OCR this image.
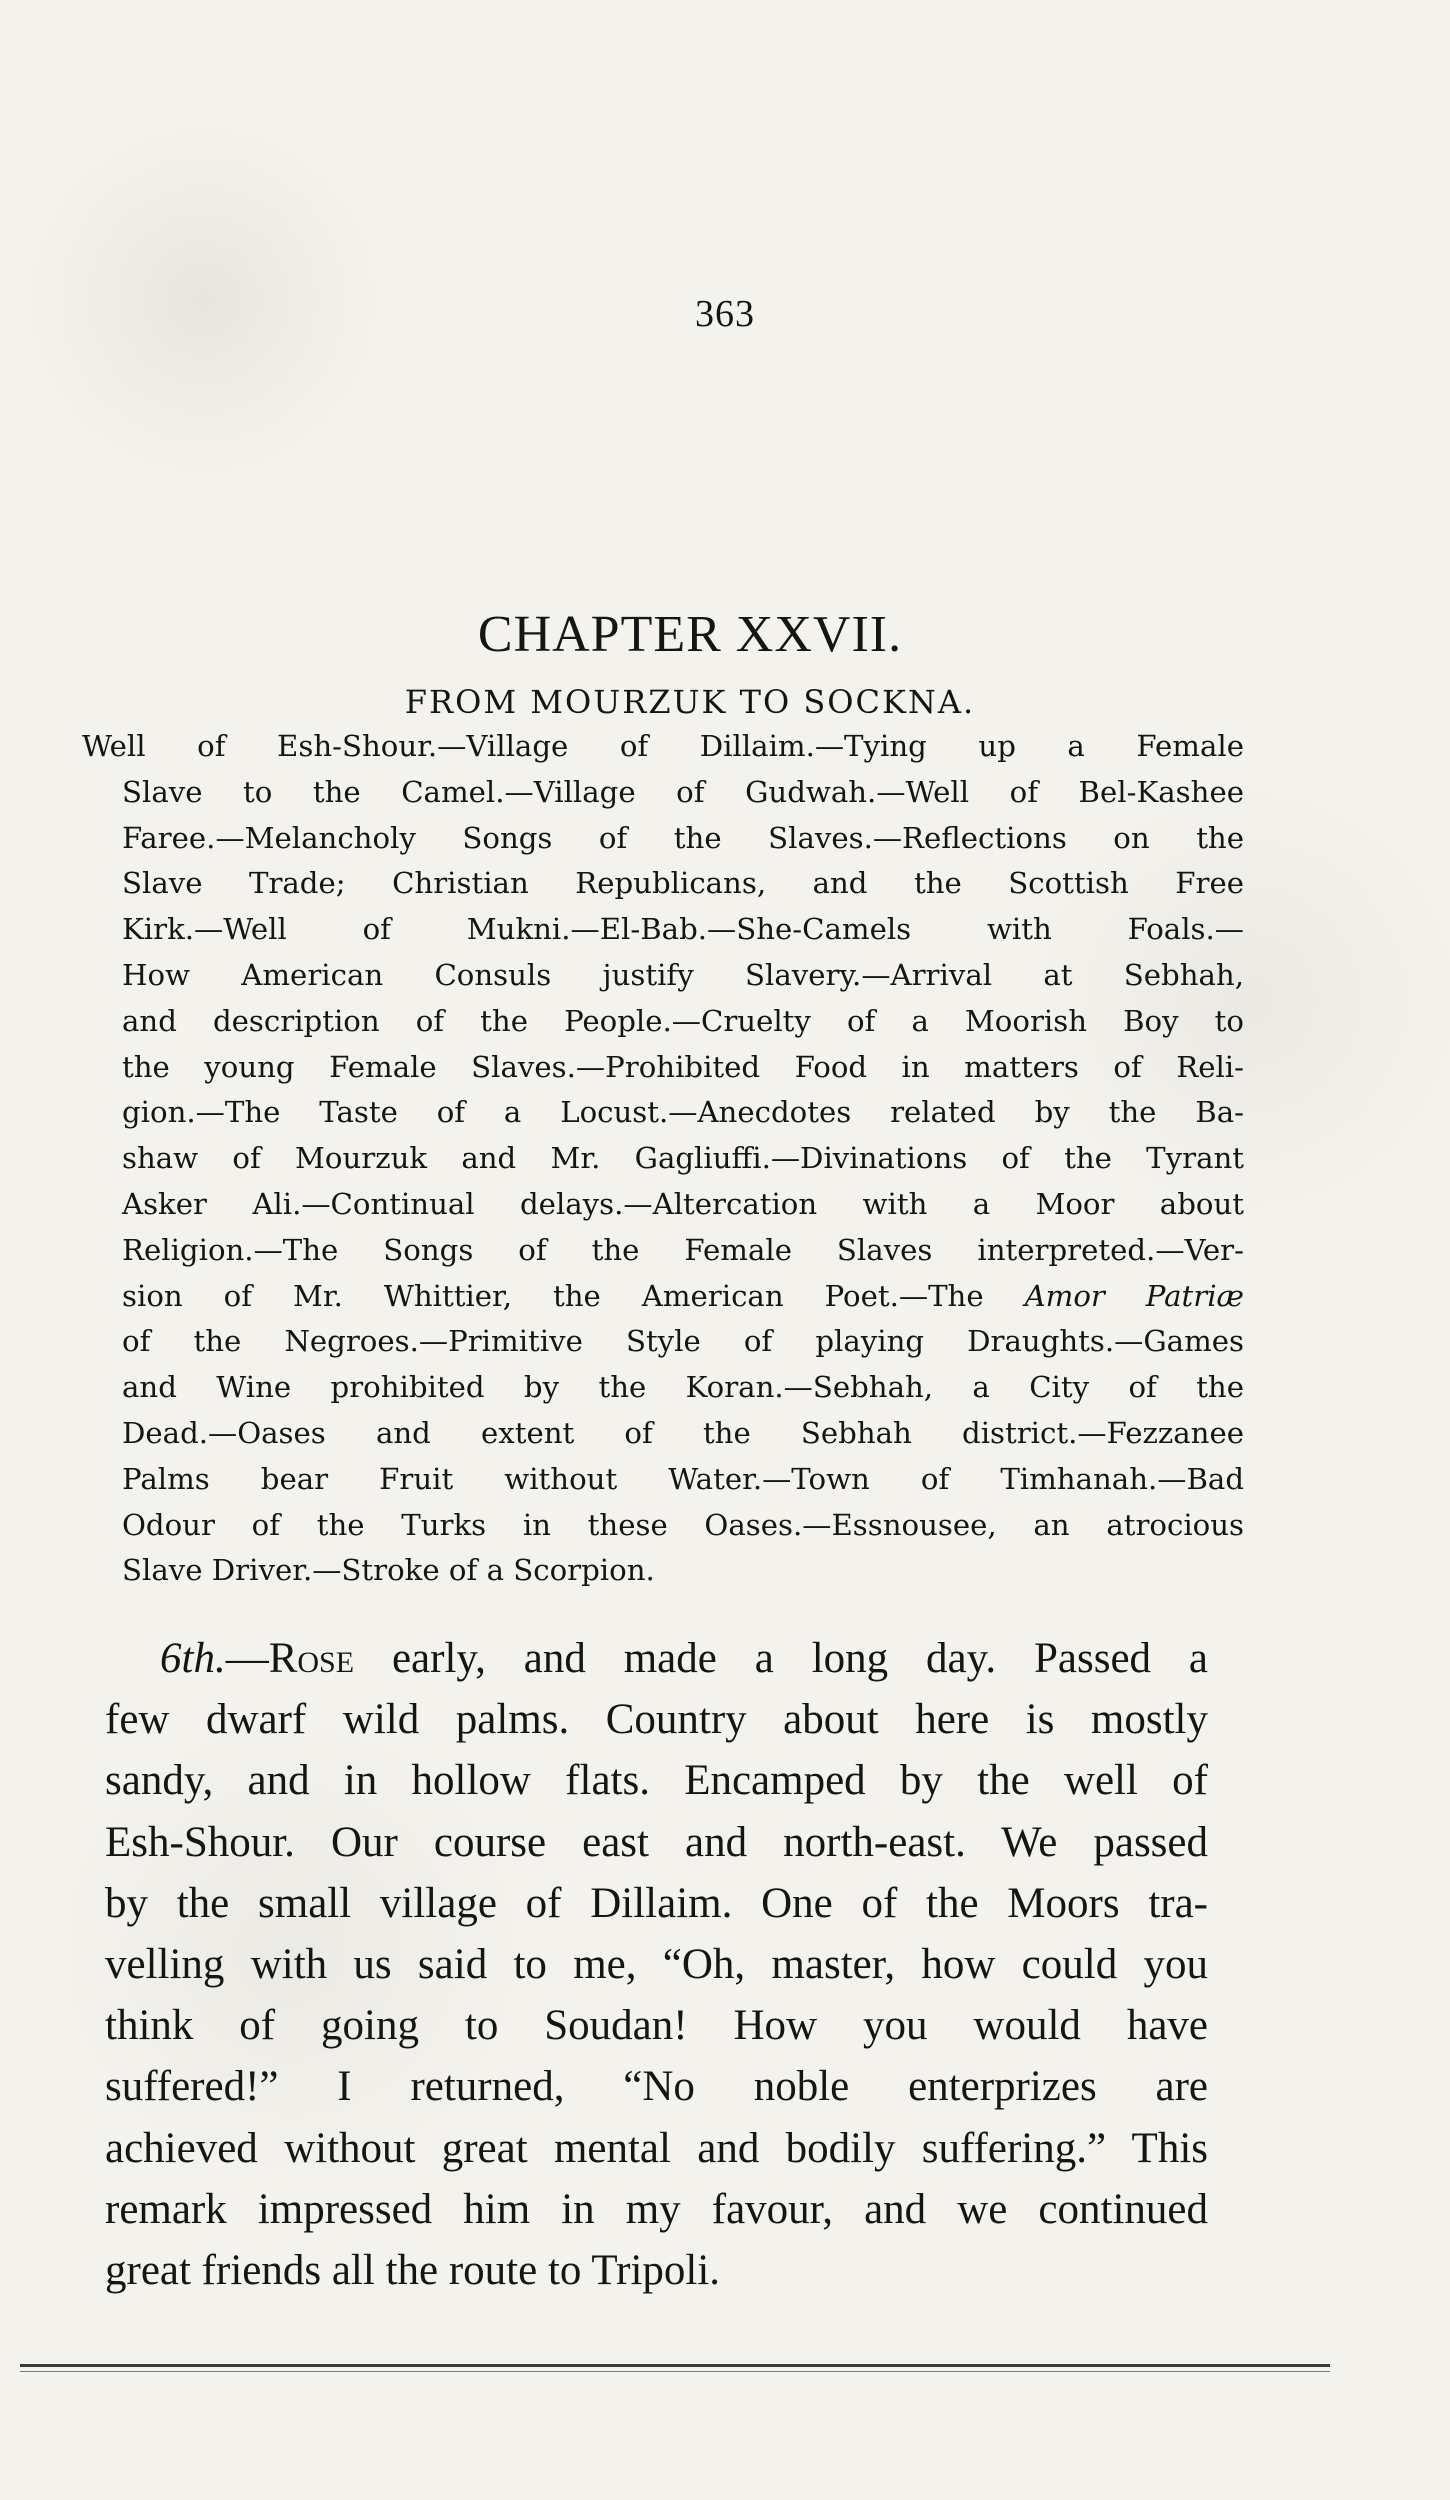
363
CHAPTER XXVII.
FROM MOURZUK TO SOCKNA.
Well of Esh-Shour.—Village of Dillaim.—Tying up a Female
Slave to the Camel.—Village of Gudwah.—Well of Bel-Kashee
Faree.—Melancholy Songs of the Slaves.—Reflections on the
Slave Trade; Christian Republicans, and the Scottish Free
Kirk.—Well of Mukni.—El-Bab.—She-Camels with Foals.—
How American Consuls justify Slavery.—Arrival at Sebhah,
and description of the People.—Cruelty of a Moorish Boy to
the young Female Slaves.—Prohibited Food in matters of Reli-
gion.—The Taste of a Locust.—Anecdotes related by the Ba-
shaw of Mourzuk and Mr. Gagliuffi.—Divinations of the Tyrant
Asker Ali.—Continual delays.—Altercation with a Moor about
Religion.—The Songs of the Female Slaves interpreted.—Ver-
sion of Mr. Whittier, the American Poet.—The Amor Patriæ
of the Negroes.—Primitive Style of playing Draughts.—Games
and Wine prohibited by the Koran.—Sebhah, a City of the
Dead.—Oases and extent of the Sebhah district.—Fezzanee
Palms bear Fruit without Water.—Town of Timhanah.—Bad
Odour of the Turks in these Oases.—Essnousee, an atrocious
Slave Driver.—Stroke of a Scorpion.
6th.—Rose early, and made a long day. Passed a
few dwarf wild palms. Country about here is mostly
sandy, and in hollow flats. Encamped by the well of
Esh-Shour. Our course east and north-east. We passed
by the small village of Dillaim. One of the Moors tra-
velling with us said to me, “Oh, master, how could you
think of going to Soudan! How you would have
suffered!” I returned, “No noble enterprizes are
achieved without great mental and bodily suffering.” This
remark impressed him in my favour, and we continued
great friends all the route to Tripoli.
